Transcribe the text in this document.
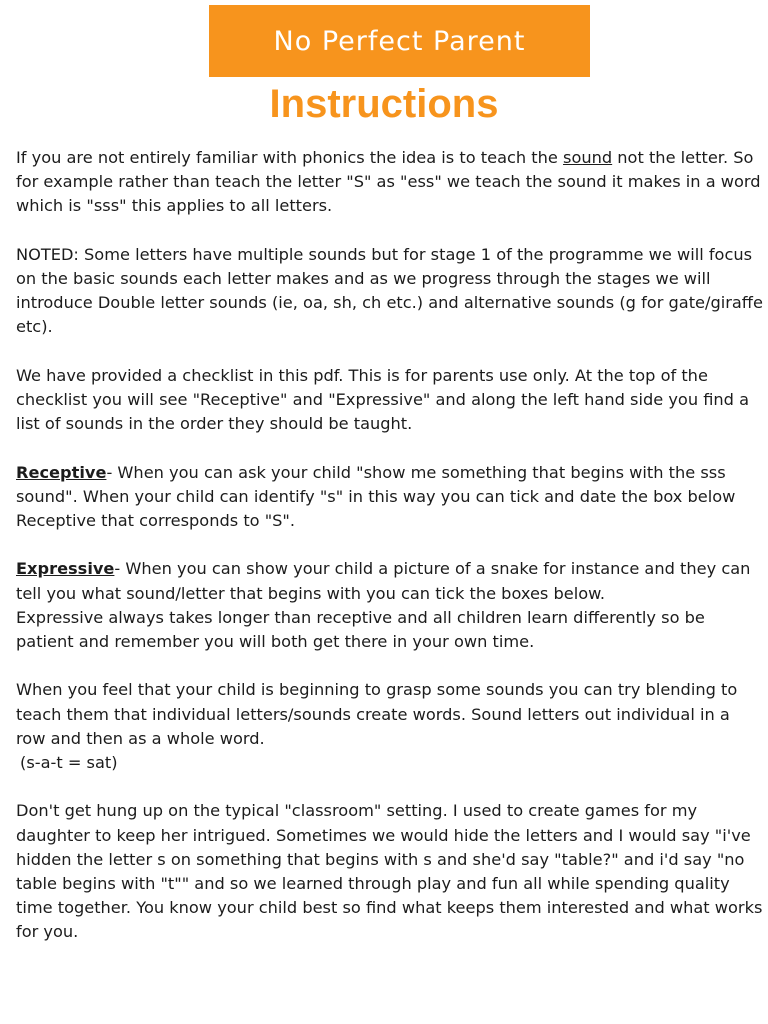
No Perfect Parent
Instructions

If you are not entirely familiar with phonics the idea is to teach the sound not the letter. So for example rather than teach the letter "S" as "ess" we teach the sound it makes in a word which is "sss" this applies to all letters.

NOTED: Some letters have multiple sounds but for stage 1 of the programme we will focus on the basic sounds each letter makes and as we progress through the stages we will introduce Double letter sounds (ie, oa, sh, ch etc.) and alternative sounds (g for gate/giraffe etc).

We have provided a checklist in this pdf. This is for parents use only. At the top of the checklist you will see "Receptive" and "Expressive" and along the left hand side you find a list of sounds in the order they should be taught.

Receptive- When you can ask your child "show me something that begins with the sss sound". When your child can identify "s" in this way you can tick and date the box below Receptive that corresponds to "S".

Expressive- When you can show your child a picture of a snake for instance and they can tell you what sound/letter that begins with you can tick the boxes below.
Expressive always takes longer than receptive and all children learn differently so be patient and remember you will both get there in your own time.

When you feel that your child is beginning to grasp some sounds you can try blending to teach them that individual letters/sounds create words. Sound letters out individual in a row and then as a whole word.
(s-a-t = sat)

Don't get hung up on the typical "classroom" setting. I used to create games for my daughter to keep her intrigued. Sometimes we would hide the letters and I would say "i've hidden the letter s on something that begins with s and she'd say "table?" and i'd say "no table begins with "t"" and so we learned through play and fun all while spending quality time together. You know your child best so find what keeps them interested and what works for you.
